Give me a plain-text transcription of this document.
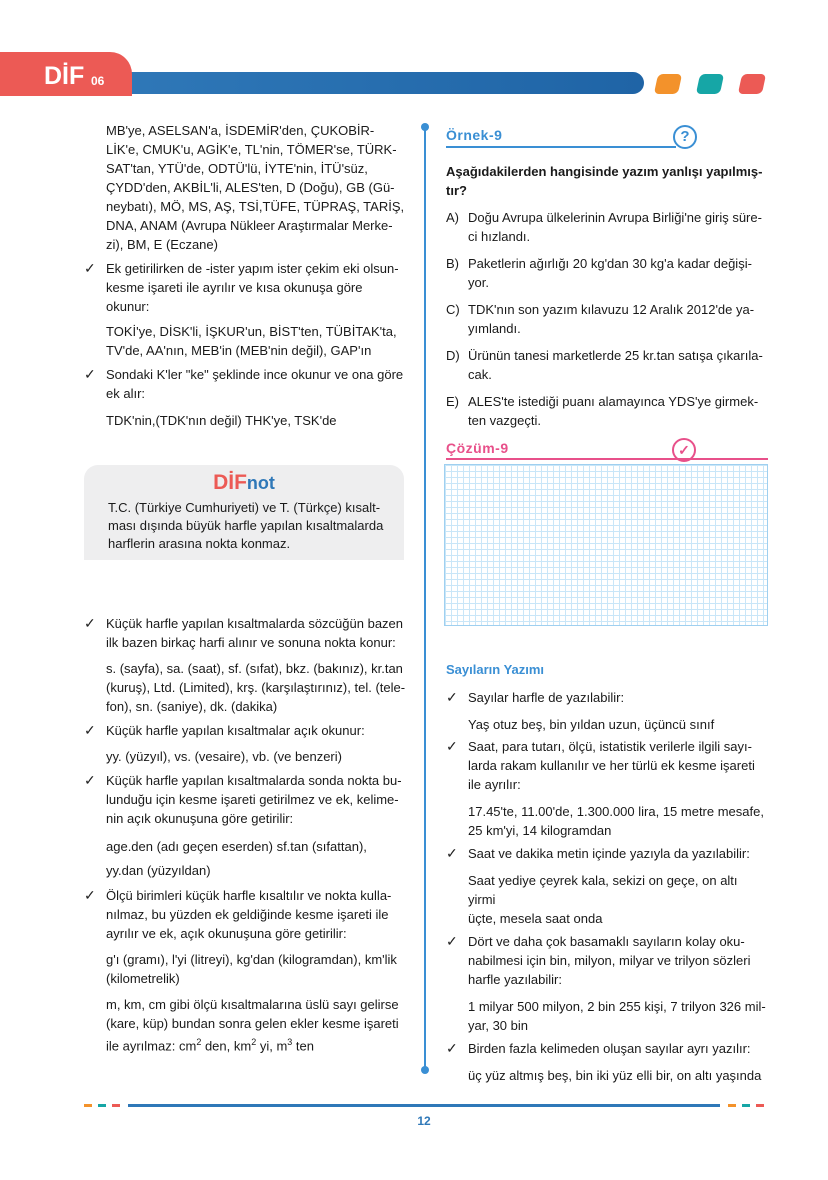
DİF 06

MB'ye, ASELSAN'a, İSDEMİR'den, ÇUKOBİR-

LİK'e, CMUK'u, AGİK'e, TL'nin, TÖMER'se, TÜRK-

SAT'tan, YTÜ'de, ODTÜ'lü, İYTE'nin, İTÜ'süz,

ÇYDD'den, AKBİL'li, ALES'ten, D (Doğu), GB (Gü-

neybatı), MÖ, MS, AŞ, TSİ,TÜFE, TÜPRAŞ, TARİŞ,

DNA, ANAM (Avrupa Nükleer Araştırmalar Merke-

zi), BM, E (Eczane)

✓ Ek getirilirken de -ister yapım ister çekim eki olsun-

kesme işareti ile ayrılır ve kısa okunuşa göre okunur:

TOKİ'ye, DİSK'li, İŞKUR'un, BİST'ten, TÜBİTAK'ta,

TV'de, AA'nın, MEB'in (MEB'nin değil), GAP'ın

✓ Sondaki K'ler "ke" şeklinde ince okunur ve ona göre

ek alır:

TDK'nin,(TDK'nın değil) THK'ye, TSK'de

DİFnot

T.C. (Türkiye Cumhuriyeti) ve T. (Türkçe) kısalt-

ması dışında büyük harfle yapılan kısaltmalarda

harflerin arasına nokta konmaz.

✓ Küçük harfle yapılan kısaltmalarda sözcüğün bazen

ilk bazen birkaç harfi alınır ve sonuna nokta konur:

s. (sayfa), sa. (saat), sf. (sıfat), bkz. (bakınız), kr.tan

(kuruş), Ltd. (Limited), krş. (karşılaştırınız), tel. (tele-

fon), sn. (saniye), dk. (dakika)

✓ Küçük harfle yapılan kısaltmalar açık okunur:

yy. (yüzyıl), vs. (vesaire), vb. (ve benzeri)

✓ Küçük harfle yapılan kısaltmalarda sonda nokta bu-

lunduğu için kesme işareti getirilmez ve ek, kelime-

nin açık okunuşuna göre getirilir:

age.den (adı geçen eserden) sf.tan (sıfattan),

yy.dan (yüzyıldan)

✓ Ölçü birimleri küçük harfle kısaltılır ve nokta kulla-

nılmaz, bu yüzden ek geldiğinde kesme işareti ile

ayrılır ve ek, açık okunuşuna göre getirilir:

g'ı (gramı), l'yi (litreyi), kg'dan (kilogramdan), km'lik

(kilometrelik)

m, km, cm gibi ölçü kısaltmalarına üslü sayı gelirse

(kare, küp) bundan sonra gelen ekler kesme işareti

ile ayrılmaz: $cm^2$ den, $km^2$ yi, $m^3$ ten

Örnek-9	?

Aşağıdakilerden hangisinde yazım yanlışı yapılmış-

tır?

A) Doğu Avrupa ülkelerinin Avrupa Birliği'ne giriş süre-

ci hızlandı.

B) Paketlerin ağırlığı 20 kg'dan 30 kg'a kadar değişi-

yor.

C) TDK'nın son yazım kılavuzu 12 Aralık 2012'de ya-

yımlandı.

D) Ürünün tanesi marketlerde 25 kr.tan satışa çıkarıla-

cak.

E) ALES'te istediği puanı alamayınca YDS'ye girmek-

ten vazgeçti.

Çözüm-9	✓
Sayıların Yazımı
✓ Sayılar harfle de yazılabilir:

Yaş otuz beş, bin yıldan uzun, üçüncü sınıf

✓ Saat, para tutarı, ölçü, istatistik verilerle ilgili sayı-

larda rakam kullanılır ve her türlü ek kesme işareti

ile ayrılır:

17.45'te, 11.00'de, 1.300.000 lira, 15 metre mesafe,

25 km'yi, 14 kilogramdan

✓ Saat ve dakika metin içinde yazıyla da yazılabilir:

Saat yediye çeyrek kala, sekizi on geçe, on altı yirmi

üçte, mesela saat onda

✓ Dört ve daha çok basamaklı sayıların kolay oku-

nabilmesi için bin, milyon, milyar ve trilyon sözleri

harfle yazılabilir:

1 milyar 500 milyon, 2 bin 255 kişi, 7 trilyon 326 mil-

yar, 30 bin

✓ Birden fazla kelimeden oluşan sayılar ayrı yazılır:

üç yüz altmış beş, bin iki yüz elli bir, on altı yaşında

12
